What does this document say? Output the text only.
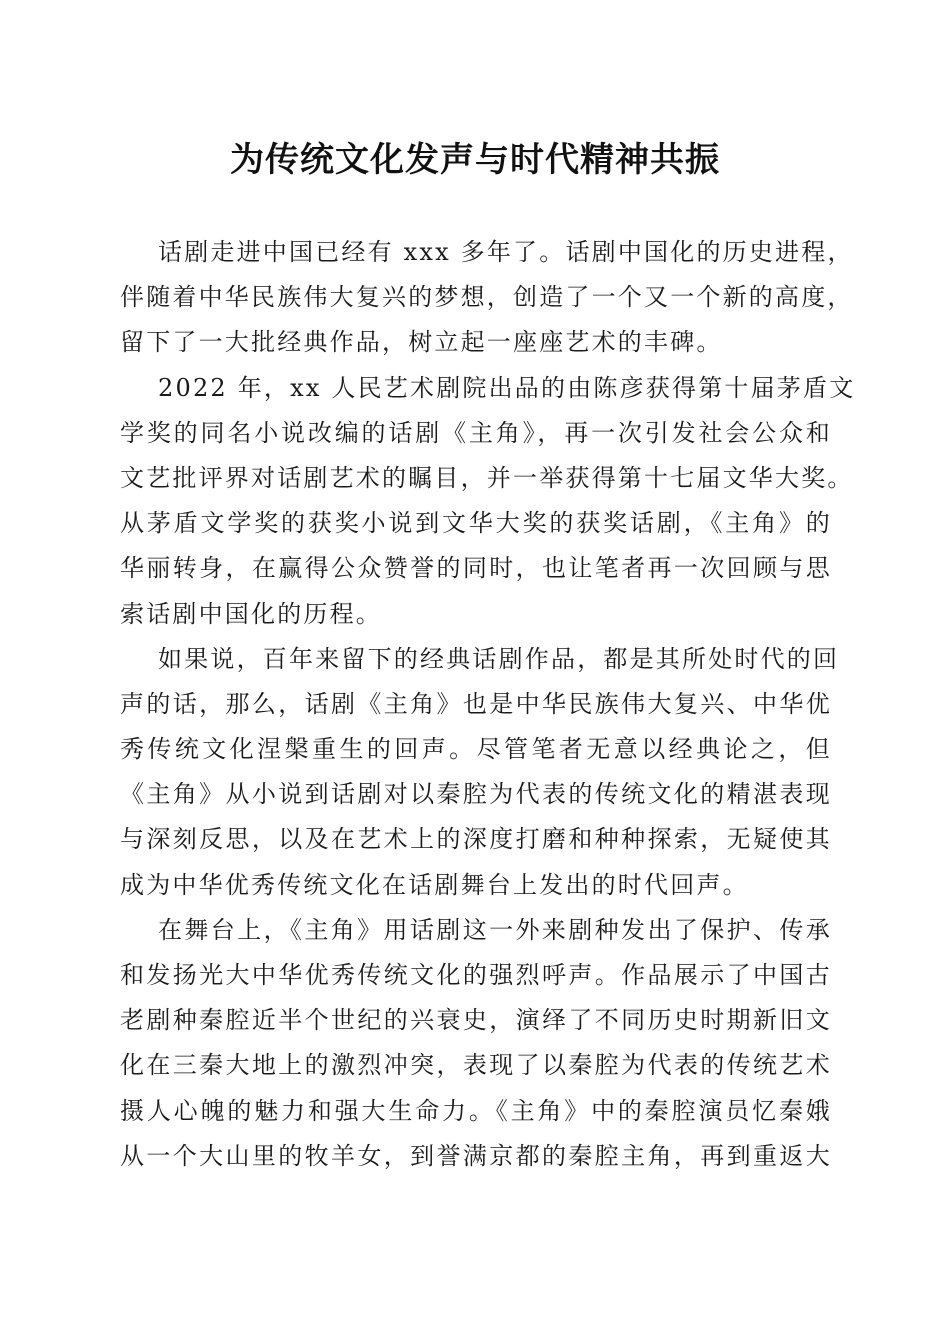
为传统文化发声与时代精神共振
话剧走进中国已经有 xxx 多年了。话剧中国化的历史进程，
伴随着中华民族伟大复兴的梦想，创造了一个又一个新的高度，
留下了一大批经典作品，树立起一座座艺术的丰碑。
2022 年，xx 人民艺术剧院出品的由陈彦获得第十届茅盾文
学奖的同名小说改编的话剧《主角》，再一次引发社会公众和
文艺批评界对话剧艺术的瞩目，并一举获得第十七届文华大奖。
从茅盾文学奖的获奖小说到文华大奖的获奖话剧，《主角》的
华丽转身，在赢得公众赞誉的同时，也让笔者再一次回顾与思
索话剧中国化的历程。
如果说，百年来留下的经典话剧作品，都是其所处时代的回
声的话，那么，话剧《主角》也是中华民族伟大复兴、中华优
秀传统文化涅槃重生的回声。尽管笔者无意以经典论之，但
《主角》从小说到话剧对以秦腔为代表的传统文化的精湛表现
与深刻反思，以及在艺术上的深度打磨和种种探索，无疑使其
成为中华优秀传统文化在话剧舞台上发出的时代回声。
在舞台上，《主角》用话剧这一外来剧种发出了保护、传承
和发扬光大中华优秀传统文化的强烈呼声。作品展示了中国古
老剧种秦腔近半个世纪的兴衰史，演绎了不同历史时期新旧文
化在三秦大地上的激烈冲突，表现了以秦腔为代表的传统艺术
摄人心魄的魅力和强大生命力。《主角》中的秦腔演员忆秦娥
从一个大山里的牧羊女，到誉满京都的秦腔主角，再到重返大
